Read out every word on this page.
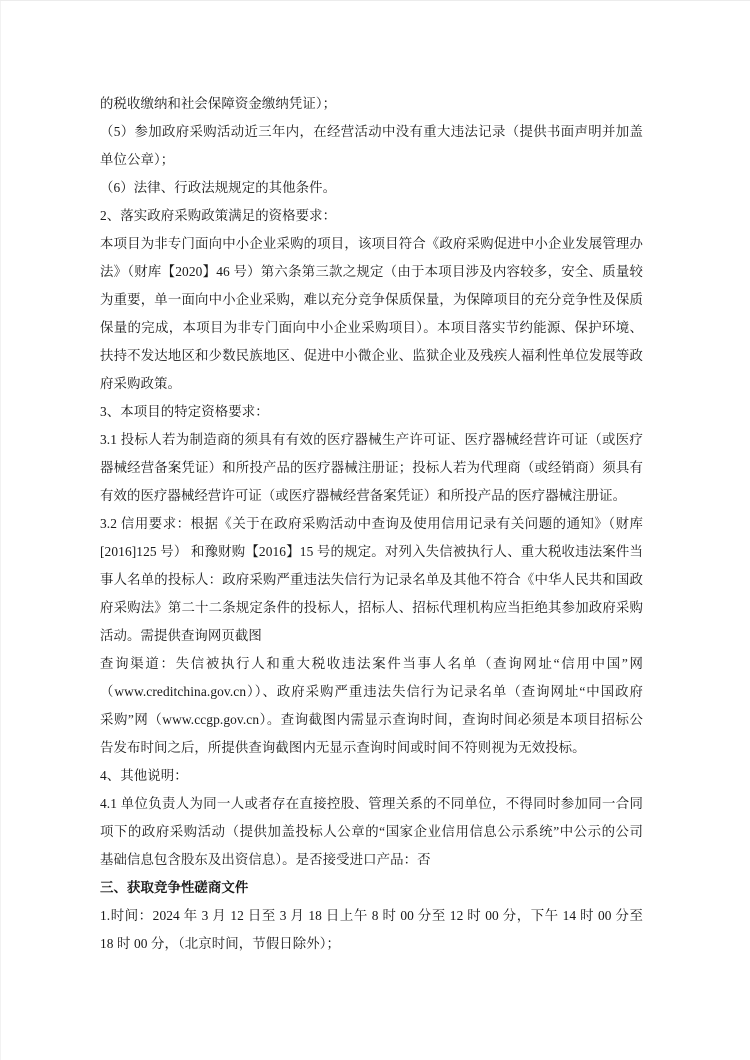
的税收缴纳和社会保障资金缴纳凭证）；
（5）参加政府采购活动近三年内，在经营活动中没有重大违法记录（提供书面声明并加盖
单位公章）；
（6）法律、行政法规规定的其他条件。
2、落实政府采购政策满足的资格要求：
本项目为非专门面向中小企业采购的项目，该项目符合《政府采购促进中小企业发展管理办
法》（财库【2020】46 号）第六条第三款之规定（由于本项目涉及内容较多，安全、质量较
为重要，单一面向中小企业采购，难以充分竞争保质保量，为保障项目的充分竞争性及保质
保量的完成，本项目为非专门面向中小企业采购项目）。本项目落实节约能源、保护环境、
扶持不发达地区和少数民族地区、促进中小微企业、监狱企业及残疾人福利性单位发展等政
府采购政策。
3、本项目的特定资格要求：
3.1 投标人若为制造商的须具有有效的医疗器械生产许可证、医疗器械经营许可证（或医疗
器械经营备案凭证）和所投产品的医疗器械注册证；投标人若为代理商（或经销商）须具有
有效的医疗器械经营许可证（或医疗器械经营备案凭证）和所投产品的医疗器械注册证。
3.2 信用要求：根据《关于在政府采购活动中查询及使用信用记录有关问题的通知》（财库
[2016]125 号） 和豫财购【2016】15 号的规定。对列入失信被执行人、重大税收违法案件当
事人名单的投标人：政府采购严重违法失信行为记录名单及其他不符合《中华人民共和国政
府采购法》第二十二条规定条件的投标人，招标人、招标代理机构应当拒绝其参加政府采购
活动。需提供查询网页截图
查询渠道：失信被执行人和重大税收违法案件当事人名单（查询网址“信用中国”网
（www.creditchina.gov.cn））、政府采购严重违法失信行为记录名单（查询网址“中国政府
采购”网（www.ccgp.gov.cn）。查询截图内需显示查询时间，查询时间必须是本项目招标公
告发布时间之后，所提供查询截图内无显示查询时间或时间不符则视为无效投标。
4、其他说明：
4.1 单位负责人为同一人或者存在直接控股、管理关系的不同单位，不得同时参加同一合同
项下的政府采购活动（提供加盖投标人公章的“国家企业信用信息公示系统”中公示的公司
基础信息包含股东及出资信息）。是否接受进口产品：否
三、获取竞争性磋商文件
1.时间：2024 年 3 月 12 日至 3 月 18 日上午 8 时 00 分至 12 时 00 分，下午 14 时 00 分至
18 时 00 分，（北京时间，节假日除外）；
